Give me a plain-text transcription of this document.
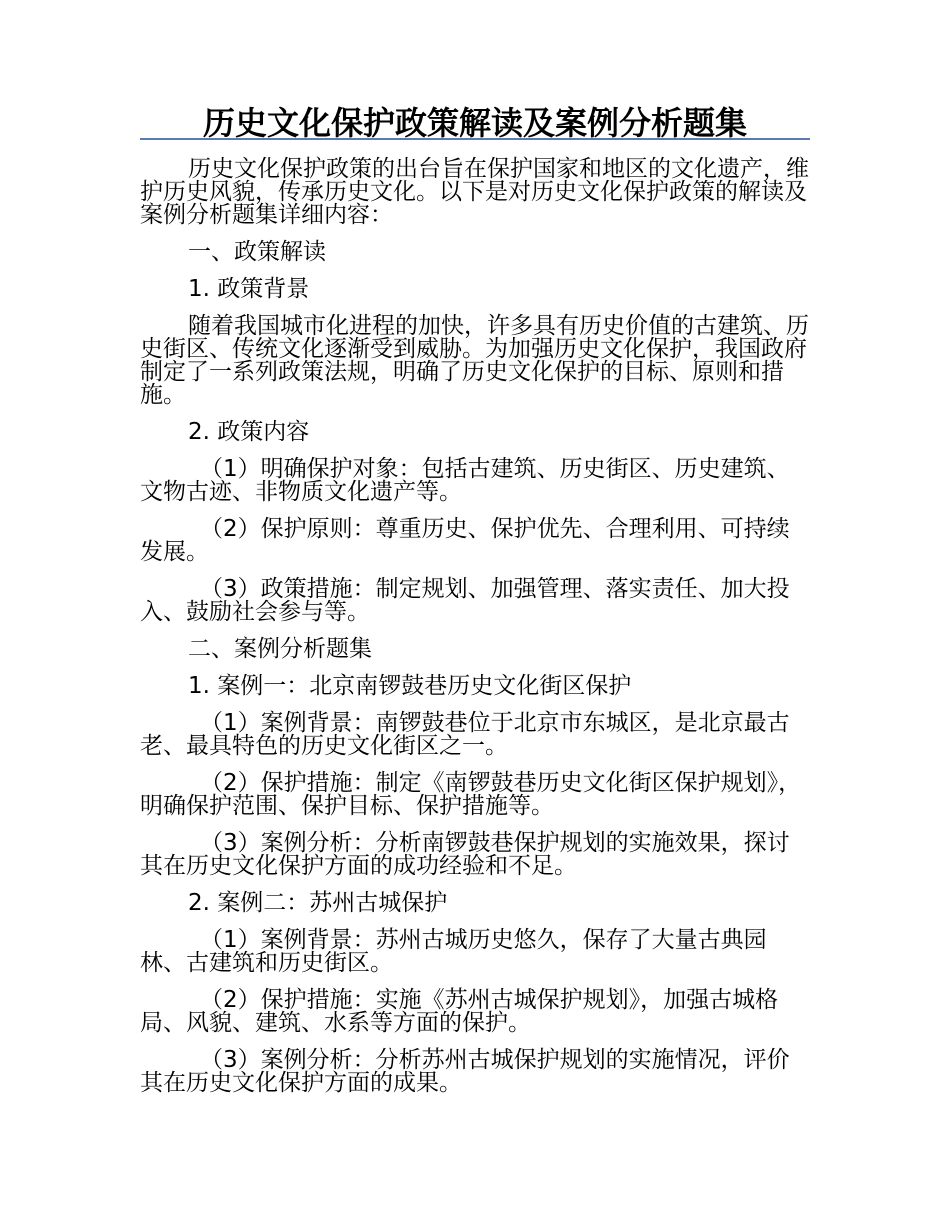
历史文化保护政策解读及案例分析题集

历史文化保护政策的出台旨在保护国家和地区的文化遗产，维护历史风貌，传承历史文化。以下是对历史文化保护政策的解读及案例分析题集详细内容：

一、政策解读

1. 政策背景

随着我国城市化进程的加快，许多具有历史价值的古建筑、历史街区、传统文化逐渐受到威胁。为加强历史文化保护，我国政府制定了一系列政策法规，明确了历史文化保护的目标、原则和措施。

2. 政策内容

（1）明确保护对象：包括古建筑、历史街区、历史建筑、文物古迹、非物质文化遗产等。

（2）保护原则：尊重历史、保护优先、合理利用、可持续发展。

（3）政策措施：制定规划、加强管理、落实责任、加大投入、鼓励社会参与等。

二、案例分析题集

1. 案例一：北京南锣鼓巷历史文化街区保护

（1）案例背景：南锣鼓巷位于北京市东城区，是北京最古老、最具特色的历史文化街区之一。

（2）保护措施：制定《南锣鼓巷历史文化街区保护规划》，明确保护范围、保护目标、保护措施等。

（3）案例分析：分析南锣鼓巷保护规划的实施效果，探讨其在历史文化保护方面的成功经验和不足。

2. 案例二：苏州古城保护

（1）案例背景：苏州古城历史悠久，保存了大量古典园林、古建筑和历史街区。

（2）保护措施：实施《苏州古城保护规划》，加强古城格局、风貌、建筑、水系等方面的保护。

（3）案例分析：分析苏州古城保护规划的实施情况，评价其在历史文化保护方面的成果。
